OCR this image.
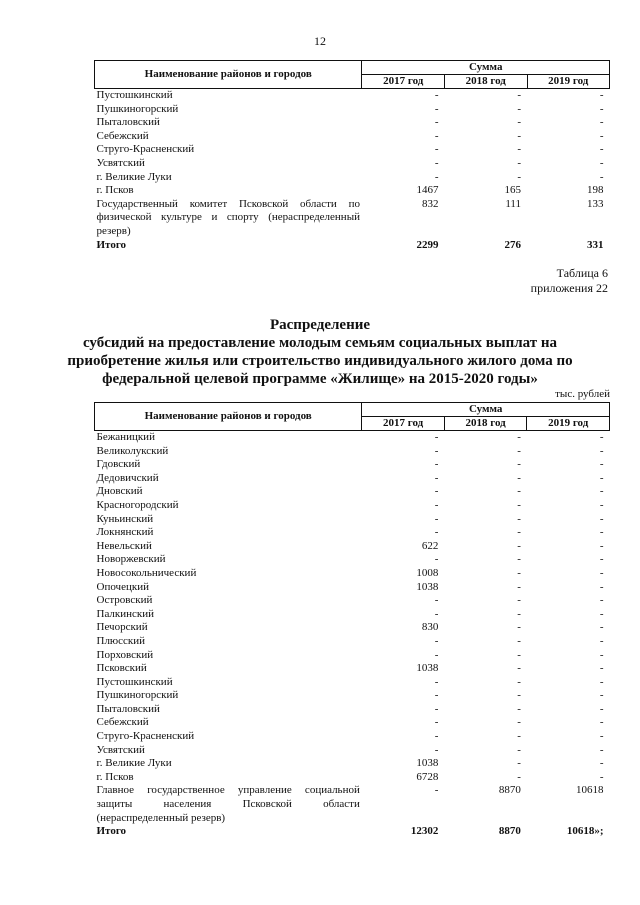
12
Наименование районов и городов	Сумма		
	2017 год	2018 год	2019 год
Пустошкинский	-	-	-
Пушкиногорский	-	-	-
Пыталовский	-	-	-
Себежский	-	-	-
Струго-Красненский	-	-	-
Усвятский	-	-	-
г. Великие Луки	-	-	-
г. Псков	1467	165	198
Государственный комитет Псковской области по физической культуре и спорту (нераспределенный резерв)	832	111	133
Итого	2299	276	331
Таблица 6
приложения 22
Распределение
субсидий на предоставление молодым семьям социальных выплат на
приобретение жилья или строительство индивидуального жилого дома по
федеральной целевой программе «Жилище» на 2015-2020 годы»
тыс. рублей
Наименование районов и городов	Сумма		
	2017 год	2018 год	2019 год
Бежаницкий	-	-	-
Великолукский	-	-	-
Гдовский	-	-	-
Дедовичский	-	-	-
Дновский	-	-	-
Красногородский	-	-	-
Куньинский	-	-	-
Локнянский	-	-	-
Невельский	622	-	-
Новоржевский	-	-	-
Новосокольнический	1008	-	-
Опочецкий	1038	-	-
Островский	-	-	-
Палкинский	-	-	-
Печорский	830	-	-
Плюсский	-	-	-
Порховский	-	-	-
Псковский	1038	-	-
Пустошкинский	-	-	-
Пушкиногорский	-	-	-
Пыталовский	-	-	-
Себежский	-	-	-
Струго-Красненский	-	-	-
Усвятский	-	-	-
г. Великие Луки	1038	-	-
г. Псков	6728	-	-
Главное государственное управление социальной защиты населения Псковской области (нераспределенный резерв)	-	8870	10618
Итого	12302	8870	10618»;
